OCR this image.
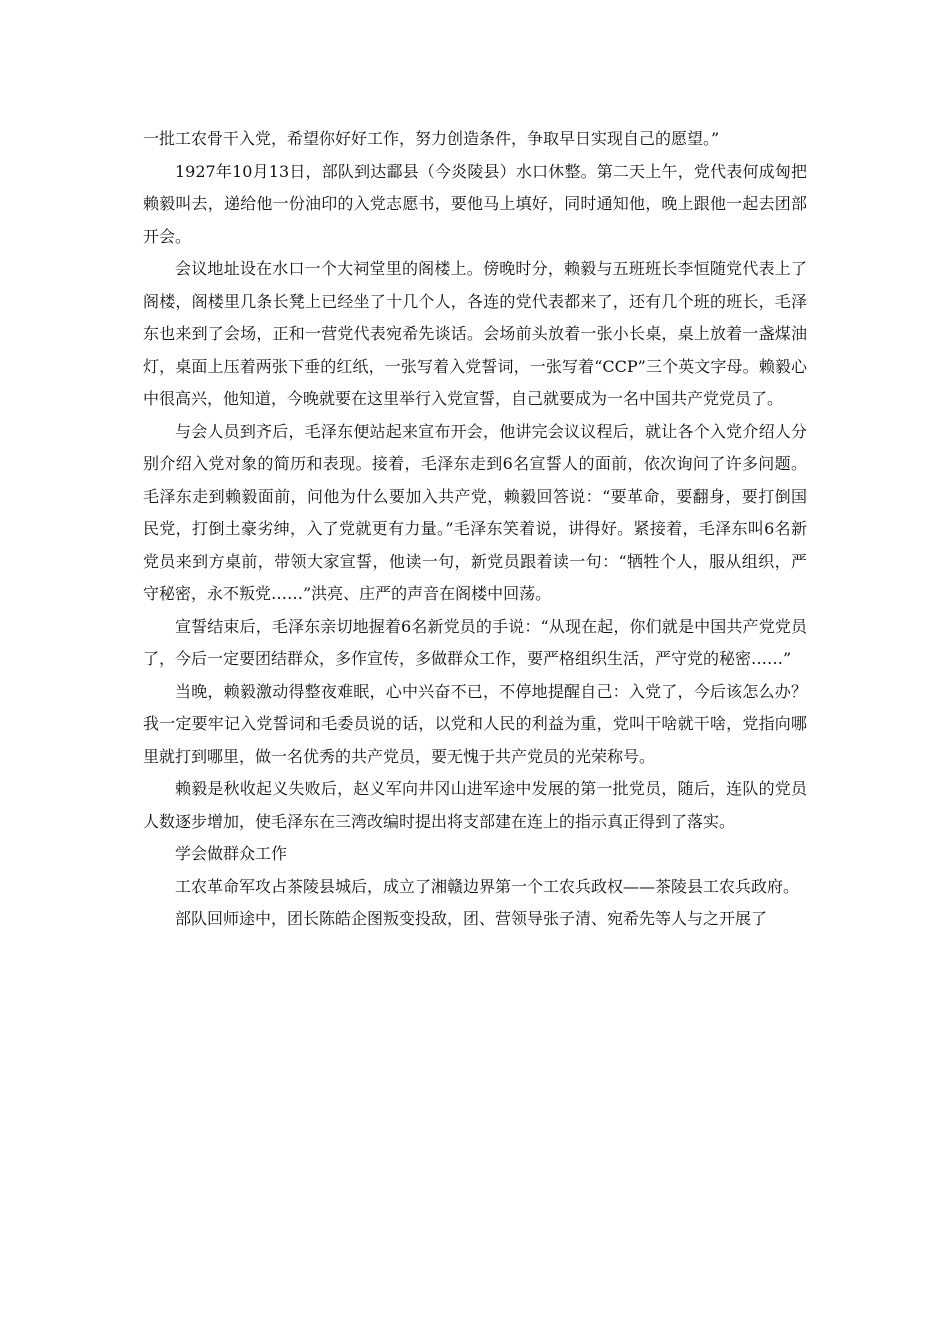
一批工农骨干入党，希望你好好工作，努力创造条件，争取早日实现自己的愿望。”

1927年10月13日，部队到达酃县（今炎陵县）水口休整。第二天上午，党代表何成匈把赖毅叫去，递给他一份油印的入党志愿书，要他马上填好，同时通知他，晚上跟他一起去团部开会。

会议地址设在水口一个大祠堂里的阁楼上。傍晚时分，赖毅与五班班长李恒随党代表上了阁楼，阁楼里几条长凳上已经坐了十几个人，各连的党代表都来了，还有几个班的班长，毛泽东也来到了会场，正和一营党代表宛希先谈话。会场前头放着一张小长桌，桌上放着一盏煤油灯，桌面上压着两张下垂的红纸，一张写着入党誓词，一张写着“CCP”三个英文字母。赖毅心中很高兴，他知道，今晚就要在这里举行入党宣誓，自己就要成为一名中国共产党党员了。

与会人员到齐后，毛泽东便站起来宣布开会，他讲完会议议程后，就让各个入党介绍人分别介绍入党对象的简历和表现。接着，毛泽东走到6名宣誓人的面前，依次询问了许多问题。毛泽东走到赖毅面前，问他为什么要加入共产党，赖毅回答说：“要革命，要翻身，要打倒国民党，打倒土豪劣绅，入了党就更有力量。”毛泽东笑着说，讲得好。紧接着，毛泽东叫6名新党员来到方桌前，带领大家宣誓，他读一句，新党员跟着读一句：“牺牲个人，服从组织，严守秘密，永不叛党……”洪亮、庄严的声音在阁楼中回荡。

宣誓结束后，毛泽东亲切地握着6名新党员的手说：“从现在起，你们就是中国共产党党员了，今后一定要团结群众，多作宣传，多做群众工作，要严格组织生活，严守党的秘密……”

当晚，赖毅激动得整夜难眠，心中兴奋不已，不停地提醒自己：入党了，今后该怎么办？我一定要牢记入党誓词和毛委员说的话，以党和人民的利益为重，党叫干啥就干啥，党指向哪里就打到哪里，做一名优秀的共产党员，要无愧于共产党员的光荣称号。

赖毅是秋收起义失败后，赵义军向井冈山进军途中发展的第一批党员，随后，连队的党员人数逐步增加，使毛泽东在三湾改编时提出将支部建在连上的指示真正得到了落实。

学会做群众工作

工农革命军攻占茶陵县城后，成立了湘赣边界第一个工农兵政权——茶陵县工农兵政府。

部队回师途中，团长陈皓企图叛变投敌，团、营领导张子清、宛希先等人与之开展了
